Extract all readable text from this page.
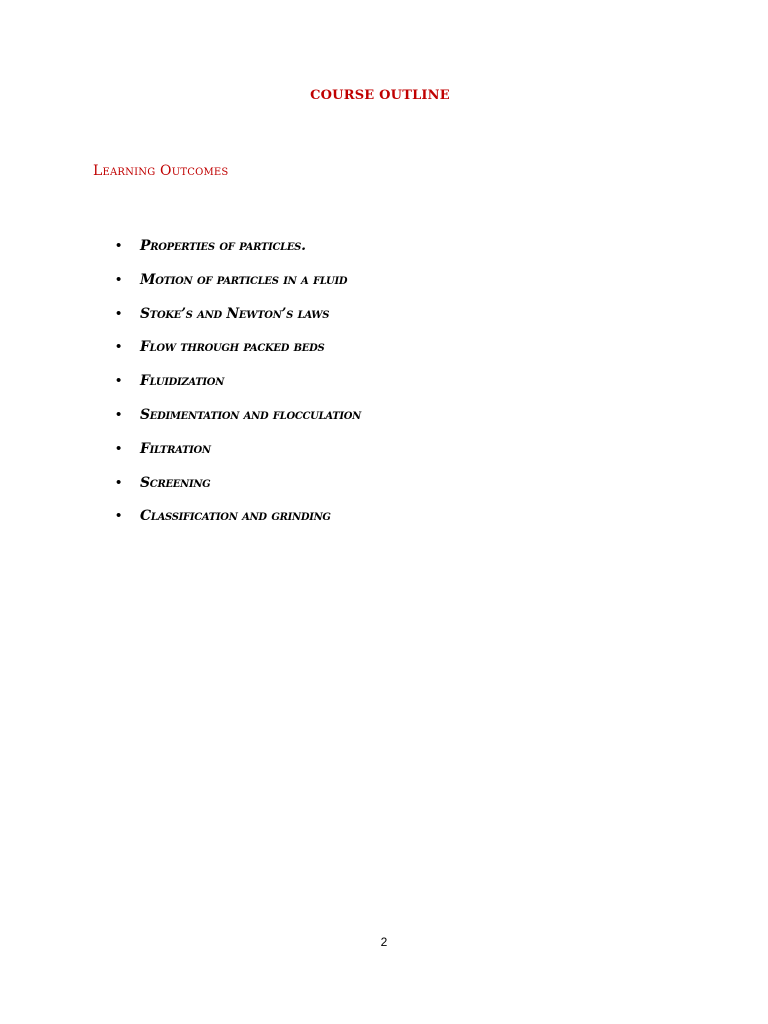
COURSE OUTLINE
Learning Outcomes
•	Properties of particles.
•	Motion of particles in a fluid
•	Stoke’s and Newton’s laws
•	Flow through packed beds
•	Fluidization
•	Sedimentation and flocculation
•	Filtration
•	Screening
•	Classification and grinding
2
